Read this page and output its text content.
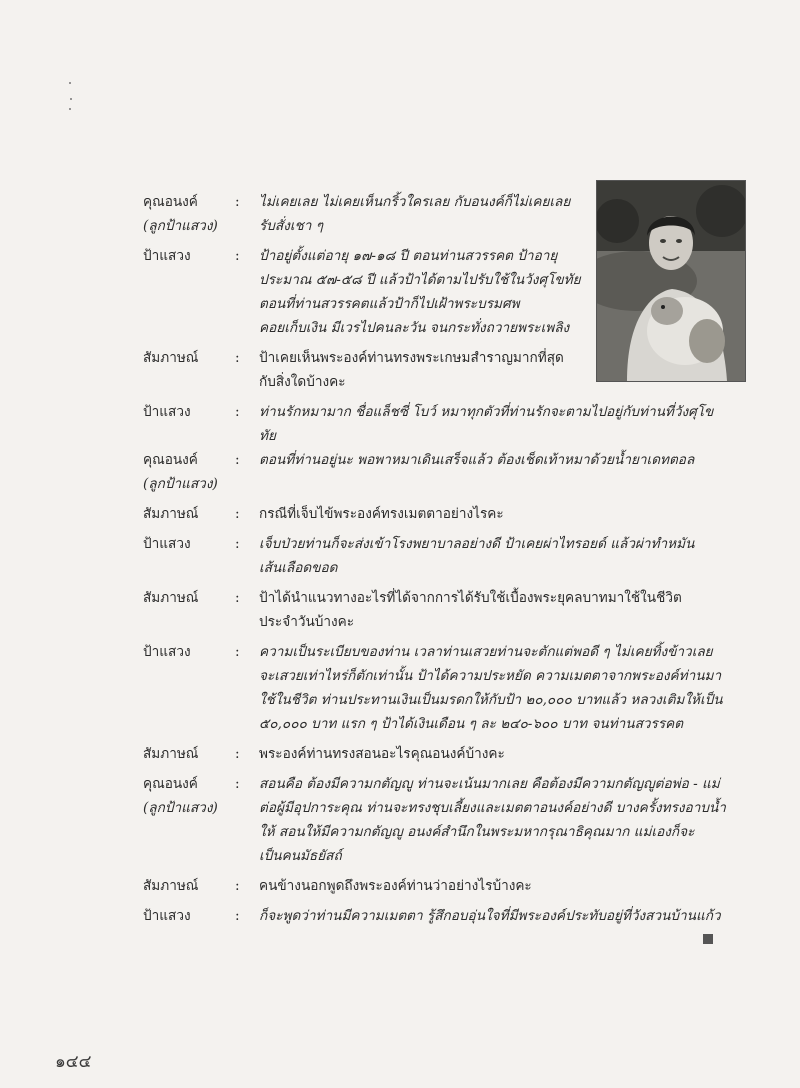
คุณอนงค์
(ลูกป้าแสวง)
:	ไม่เคยเลย ไม่เคยเห็นกริ้วใครเลย กับอนงค์ก็ไม่เคยเลย
รับสั่งเชา ๆ
ป้าแสวง	:	ป้าอยู่ตั้งแต่อายุ ๑๗-๑๘ ปี ตอนท่านสวรรคต ป้าอายุ
ประมาณ ๕๗-๕๘ ปี แล้วป้าได้ตามไปรับใช้ในวังศุโขทัย
ตอนที่ท่านสวรรคตแล้วป้าก็ไปเฝ้าพระบรมศพ
คอยเก็บเงิน มีเวรไปคนละวัน จนกระทั่งถวายพระเพลิง
สัมภาษณ์	:	ป้าเคยเห็นพระองค์ท่านทรงพระเกษมสำราญมากที่สุด
กับสิ่งใดบ้างคะ
ป้าแสวง	:	ท่านรักหมามาก ชื่อแล็ชซี่ โบว์ หมาทุกตัวที่ท่านรักจะตามไปอยู่กับท่านที่วังศุโขทัย
คุณอนงค์
(ลูกป้าแสวง)
:	ตอนที่ท่านอยู่นะ พอพาหมาเดินเสร็จแล้ว ต้องเช็ดเท้าหมาด้วยน้ำยาเดทตอล
สัมภาษณ์	:	กรณีที่เจ็บไข้พระองค์ทรงเมตตาอย่างไรคะ
ป้าแสวง	:	เจ็บป่วยท่านก็จะส่งเข้าโรงพยาบาลอย่างดี ป้าเคยผ่าไทรอยด์ แล้วผ่าทำหมัน
เส้นเลือดขอด
สัมภาษณ์	:	ป้าได้นำแนวทางอะไรที่ได้จากการได้รับใช้เบื้องพระยุคลบาทมาใช้ในชีวิต
ประจำวันบ้างคะ
ป้าแสวง	:	ความเป็นระเบียบของท่าน เวลาท่านเสวยท่านจะตักแต่พอดี ๆ ไม่เคยทิ้งข้าวเลย
จะเสวยเท่าไหร่ก็ตักเท่านั้น ป้าได้ความประหยัด ความเมตตาจากพระองค์ท่านมา
ใช้ในชีวิต ท่านประทานเงินเป็นมรดกให้กับป้า ๒๐,๐๐๐ บาทแล้ว หลวงเติมให้เป็น
๕๐,๐๐๐ บาท แรก ๆ ป้าได้เงินเดือน ๆ ละ ๒๔๐-๖๐๐ บาท จนท่านสวรรคต
สัมภาษณ์	:	พระองค์ท่านทรงสอนอะไรคุณอนงค์บ้างคะ
คุณอนงค์
(ลูกป้าแสวง)
:	สอนคือ ต้องมีความกตัญญู ท่านจะเน้นมากเลย คือต้องมีความกตัญญูต่อพ่อ - แม่
ต่อผู้มีอุปการะคุณ ท่านจะทรงชุบเลี้ยงและเมตตาอนงค์อย่างดี บางครั้งทรงอาบน้ำ
ให้ สอนให้มีความกตัญญู อนงค์สำนึกในพระมหากรุณาธิคุณมาก แม่เองก็จะ
เป็นคนมัธยัสถ์
สัมภาษณ์	:	คนข้างนอกพูดถึงพระองค์ท่านว่าอย่างไรบ้างคะ
ป้าแสวง	:	ก็จะพูดว่าท่านมีความเมตตา รู้สึกอบอุ่นใจที่มีพระองค์ประทับอยู่ที่วังสวนบ้านแก้ว
๑๔๔
